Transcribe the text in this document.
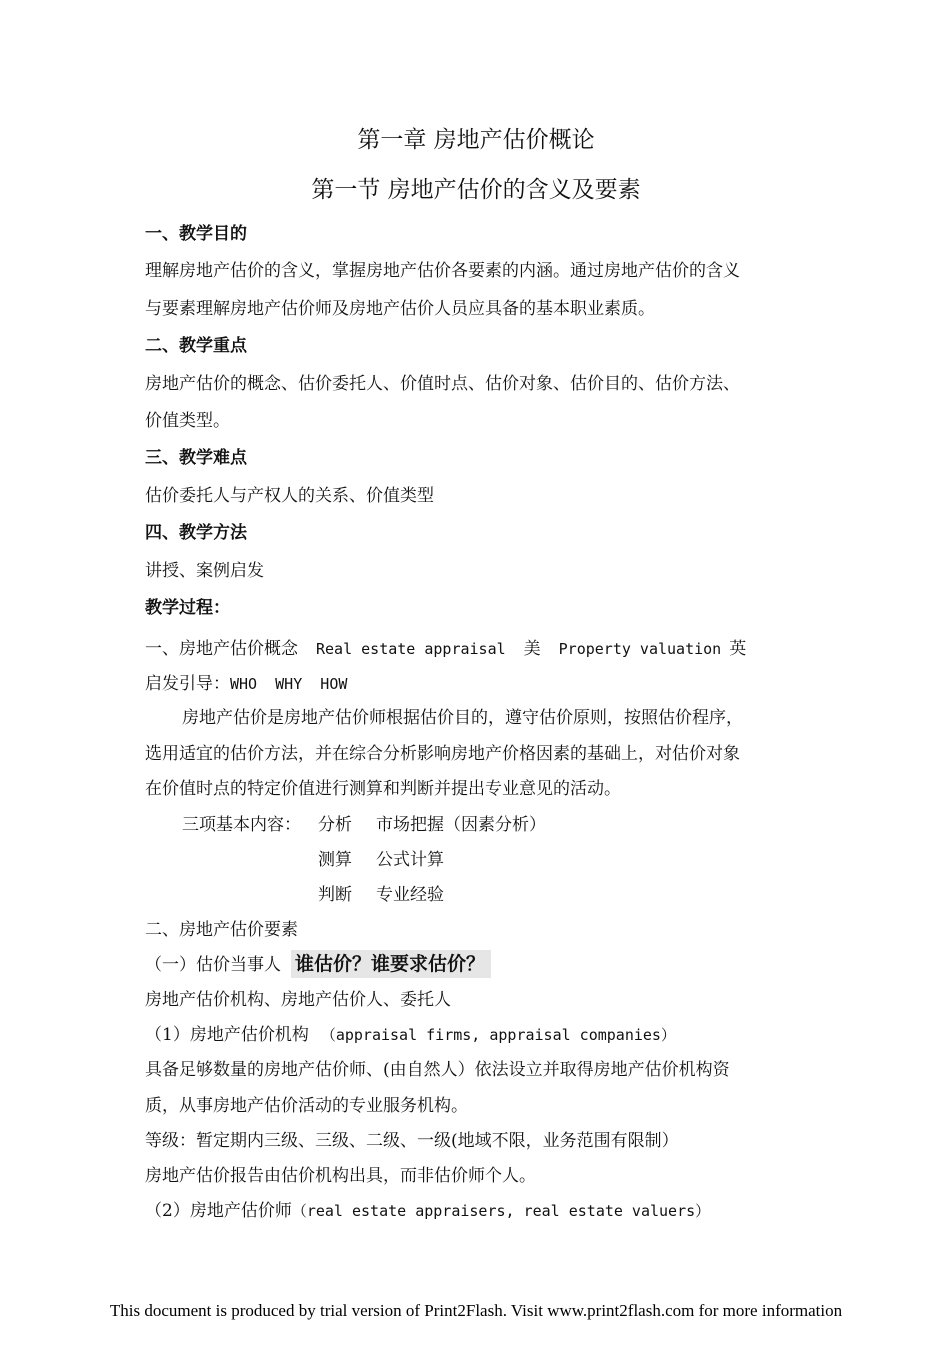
第一章 房地产估价概论
第一节 房地产估价的含义及要素
一、教学目的
理解房地产估价的含义，掌握房地产估价各要素的内涵。通过房地产估价的含义
与要素理解房地产估价师及房地产估价人员应具备的基本职业素质。
二、教学重点
房地产估价的概念、估价委托人、价值时点、估价对象、估价目的、估价方法、
价值类型。
三、教学难点
估价委托人与产权人的关系、价值类型
四、教学方法
讲授、案例启发
教学过程：
一、房地产估价概念 Real estate appraisal 美 Property valuation 英
启发引导：WHO  WHY  HOW
房地产估价是房地产估价师根据估价目的，遵守估价原则，按照估价程序，
选用适宜的估价方法，并在综合分析影响房地产价格因素的基础上，对估价对象
在价值时点的特定价值进行测算和判断并提出专业意见的活动。
三项基本内容： 分析 市场把握（因素分析）
测算 公式计算
判断 专业经验
二、房地产估价要素
（一）估价当事人 谁估价？谁要求估价？
房地产估价机构、房地产估价人、委托人
（1）房地产估价机构 （appraisal firms, appraisal companies）
具备足够数量的房地产估价师、(由自然人）依法设立并取得房地产估价机构资
质，从事房地产估价活动的专业服务机构。
等级：暂定期内三级、三级、二级、一级(地域不限，业务范围有限制）
房地产估价报告由估价机构出具，而非估价师个人。
（2）房地产估价师（real estate appraisers, real estate valuers）
This document is produced by trial version of Print2Flash. Visit www.print2flash.com for more information
